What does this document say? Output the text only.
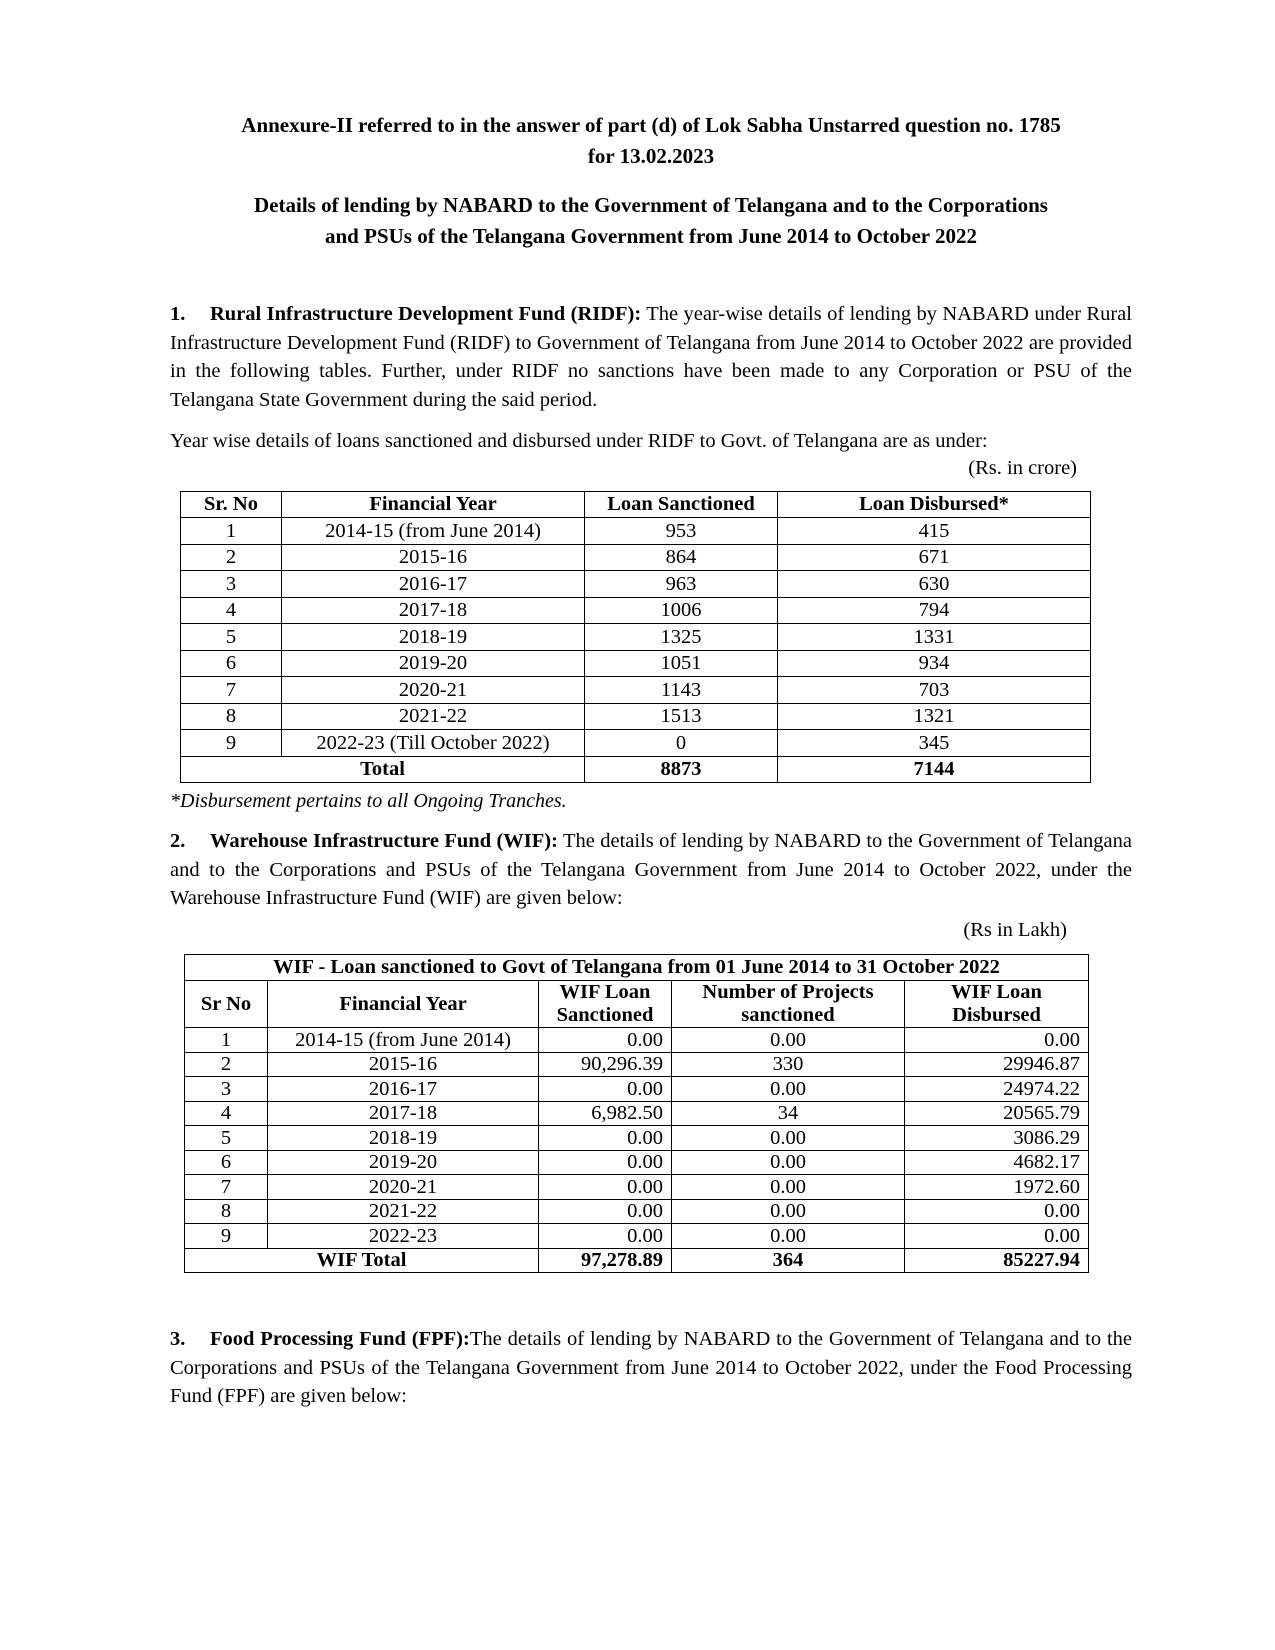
Annexure-II referred to in the answer of part (d) of Lok Sabha Unstarred question no. 1785
for 13.02.2023
Details of lending by NABARD to the Government of Telangana and to the Corporations
and PSUs of the Telangana Government from June 2014 to October 2022
1. Rural Infrastructure Development Fund (RIDF): The year-wise details of lending by NABARD under Rural Infrastructure Development Fund (RIDF) to Government of Telangana from June 2014 to October 2022 are provided in the following tables. Further, under RIDF no sanctions have been made to any Corporation or PSU of the Telangana State Government during the said period.
Year wise details of loans sanctioned and disbursed under RIDF to Govt. of Telangana are as under:
(Rs. in crore)
Sr. No	Financial Year	Loan Sanctioned	Loan Disbursed*
1	2014-15 (from June 2014)	953	415
2	2015-16	864	671
3	2016-17	963	630
4	2017-18	1006	794
5	2018-19	1325	1331
6	2019-20	1051	934
7	2020-21	1143	703
8	2021-22	1513	1321
9	2022-23 (Till October 2022)	0	345
Total		8873	7144
*Disbursement pertains to all Ongoing Tranches.
2. Warehouse Infrastructure Fund (WIF): The details of lending by NABARD to the Government of Telangana and to the Corporations and PSUs of the Telangana Government from June 2014 to October 2022, under the Warehouse Infrastructure Fund (WIF) are given below:
(Rs in Lakh)
WIF - Loan sanctioned to Govt of Telangana from 01 June 2014 to 31 October 2022				
Sr No	Financial Year	WIF Loan Sanctioned	Number of Projects sanctioned	WIF Loan Disbursed
1	2014-15 (from June 2014)	0.00	0.00	0.00
2	2015-16	90,296.39	330	29946.87
3	2016-17	0.00	0.00	24974.22
4	2017-18	6,982.50	34	20565.79
5	2018-19	0.00	0.00	3086.29
6	2019-20	0.00	0.00	4682.17
7	2020-21	0.00	0.00	1972.60
8	2021-22	0.00	0.00	0.00
9	2022-23	0.00	0.00	0.00
WIF Total		97,278.89	364	85227.94
3. Food Processing Fund (FPF):The details of lending by NABARD to the Government of Telangana and to the Corporations and PSUs of the Telangana Government from June 2014 to October 2022, under the Food Processing Fund (FPF) are given below:
